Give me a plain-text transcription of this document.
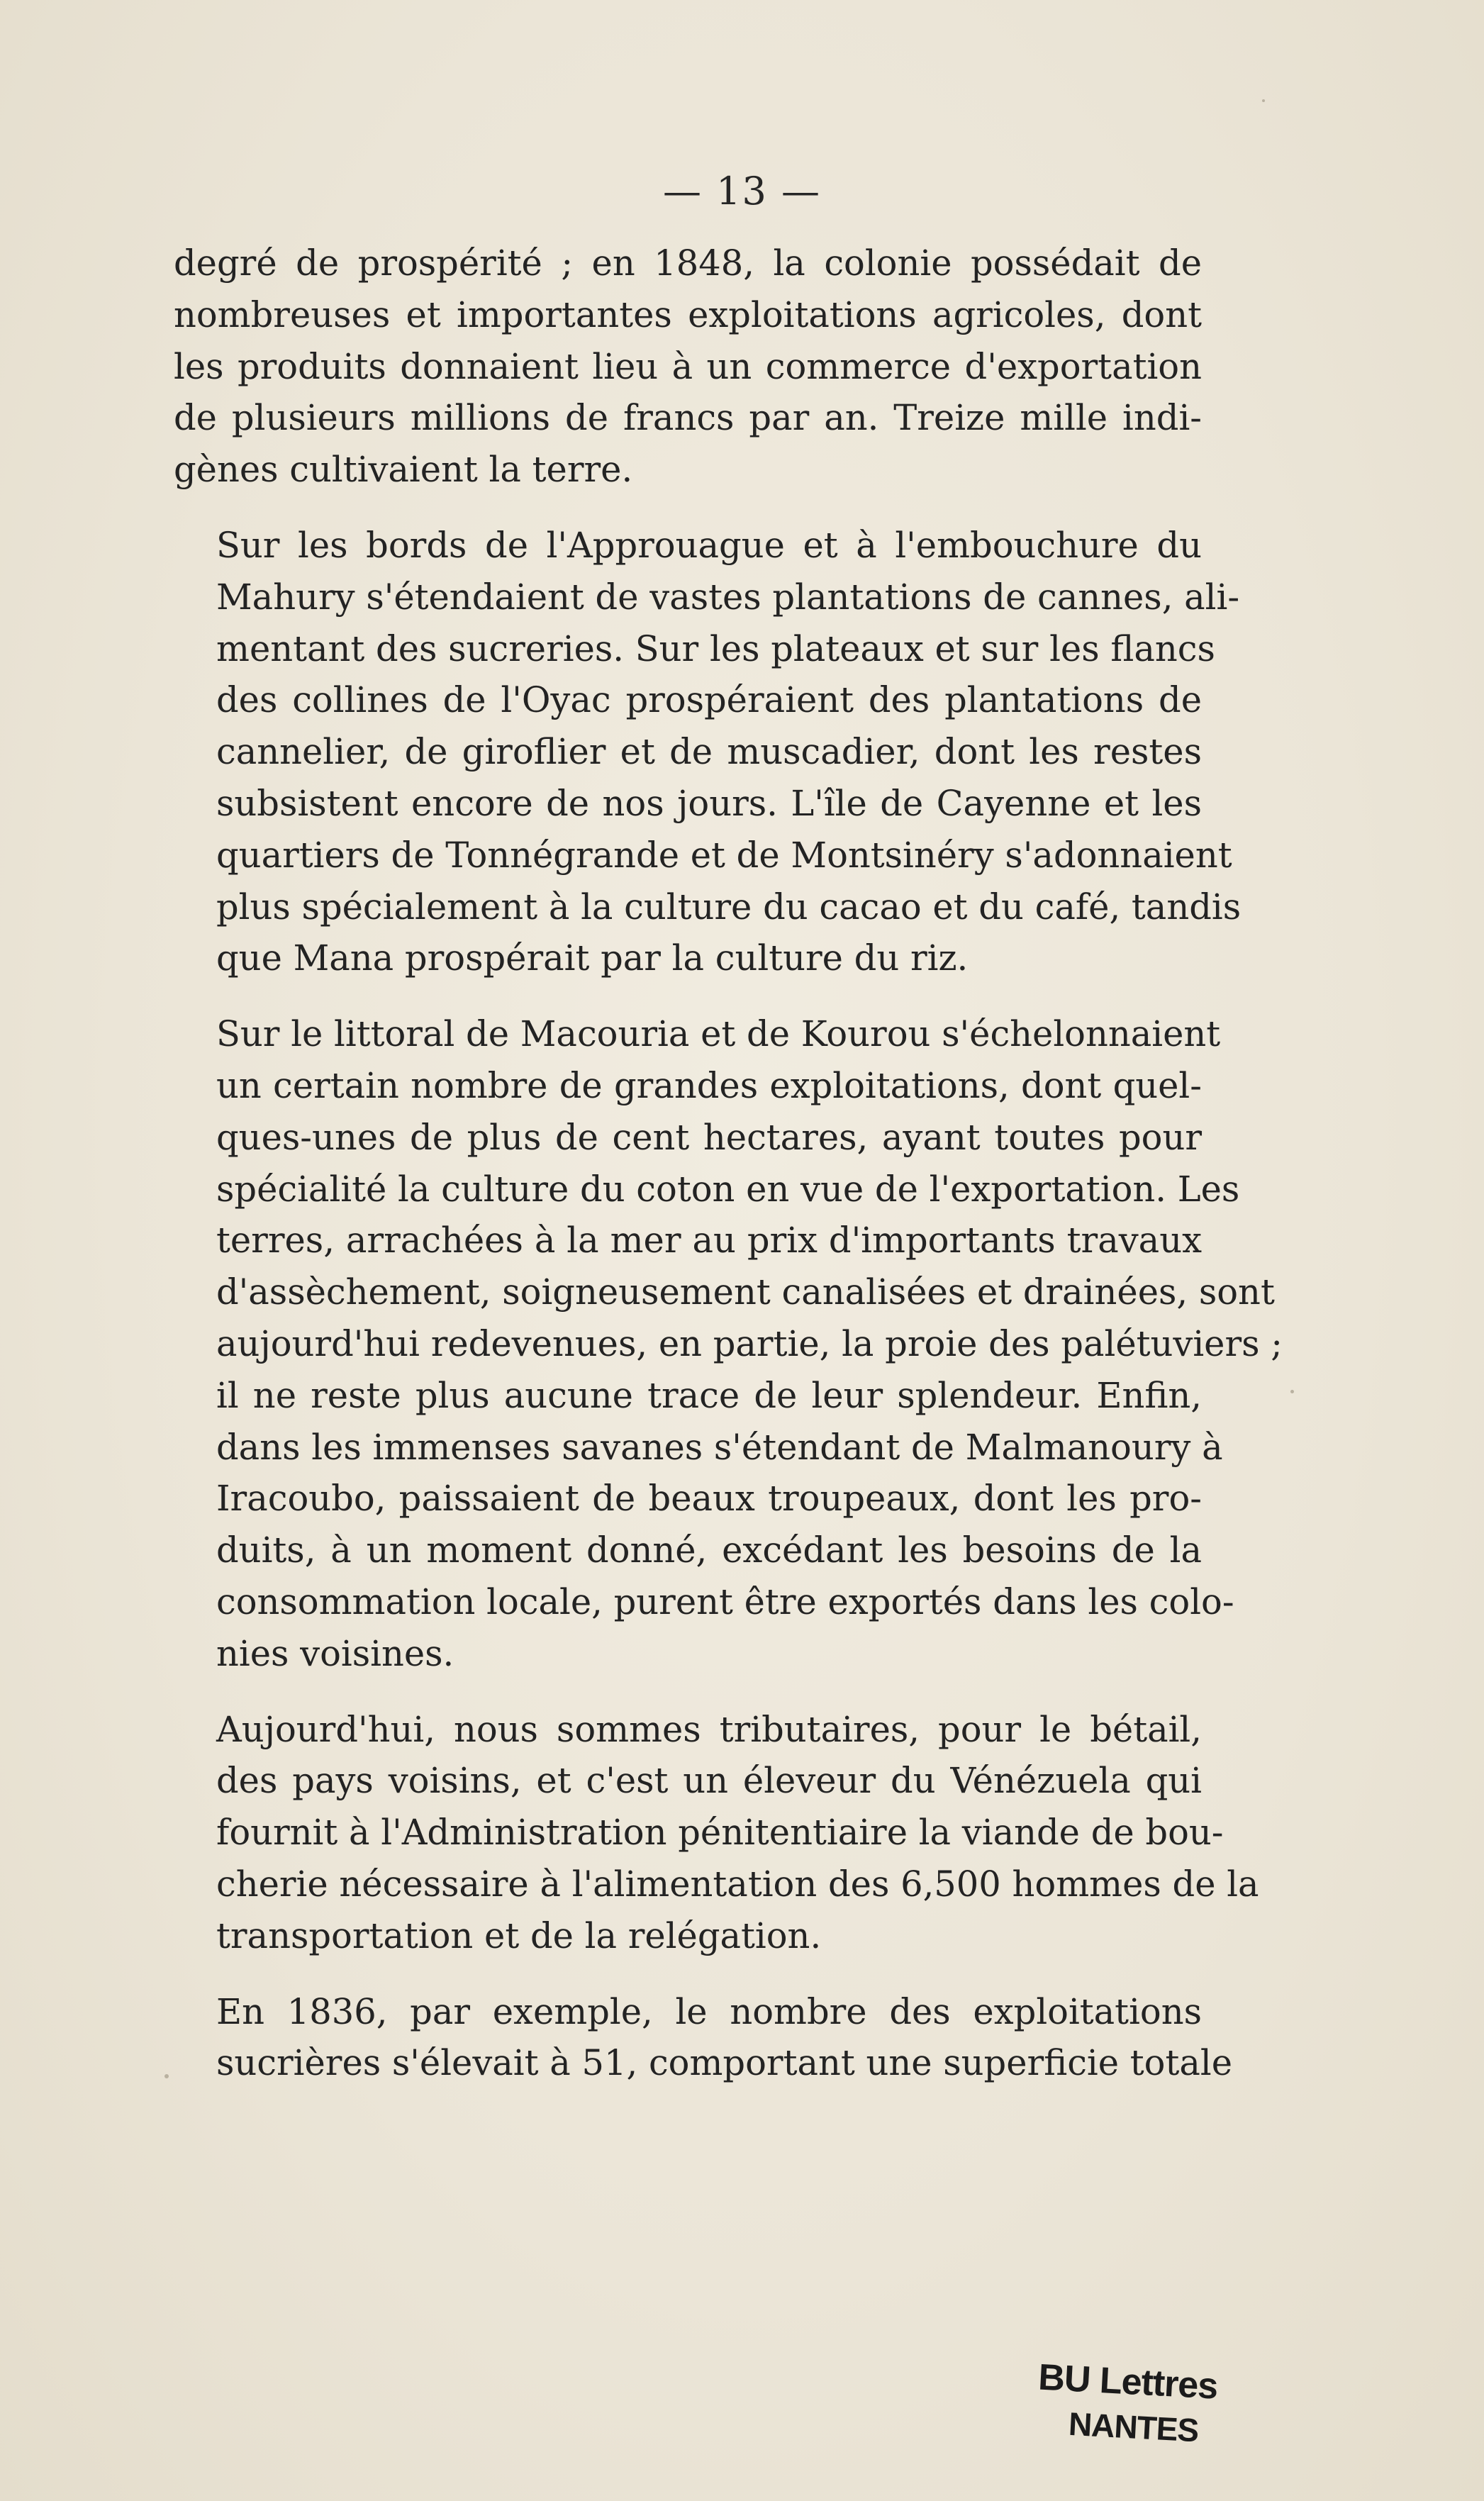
— 13 —

degré de prospérité ; en 1848, la colonie possédait de
nombreuses et importantes exploitations agricoles, dont
les produits donnaient lieu à un commerce d'exportation
de plusieurs millions de francs par an. Treize mille indi-
gènes cultivaient la terre.

Sur les bords de l'Approuague et à l'embouchure du
Mahury s'étendaient de vastes plantations de cannes, ali-
mentant des sucreries. Sur les plateaux et sur les flancs
des collines de l'Oyac prospéraient des plantations de
cannelier, de giroflier et de muscadier, dont les restes
subsistent encore de nos jours. L'île de Cayenne et les
quartiers de Tonnégrande et de Montsinéry s'adonnaient
plus spécialement à la culture du cacao et du café, tandis
que Mana prospérait par la culture du riz.

Sur le littoral de Macouria et de Kourou s'échelonnaient
un certain nombre de grandes exploitations, dont quel-
ques-unes de plus de cent hectares, ayant toutes pour
spécialité la culture du coton en vue de l'exportation. Les
terres, arrachées à la mer au prix d'importants travaux
d'assèchement, soigneusement canalisées et drainées, sont
aujourd'hui redevenues, en partie, la proie des palétuviers ;
il ne reste plus aucune trace de leur splendeur. Enfin,
dans les immenses savanes s'étendant de Malmanoury à
Iracoubo, paissaient de beaux troupeaux, dont les pro-
duits, à un moment donné, excédant les besoins de la
consommation locale, purent être exportés dans les colo-
nies voisines.

Aujourd'hui, nous sommes tributaires, pour le bétail,
des pays voisins, et c'est un éleveur du Vénézuela qui
fournit à l'Administration pénitentiaire la viande de bou-
cherie nécessaire à l'alimentation des 6,500 hommes de la
transportation et de la relégation.

En 1836, par exemple, le nombre des exploitations
sucrières s'élevait à 51, comportant une superficie totale

BU Lettres
NANTES
